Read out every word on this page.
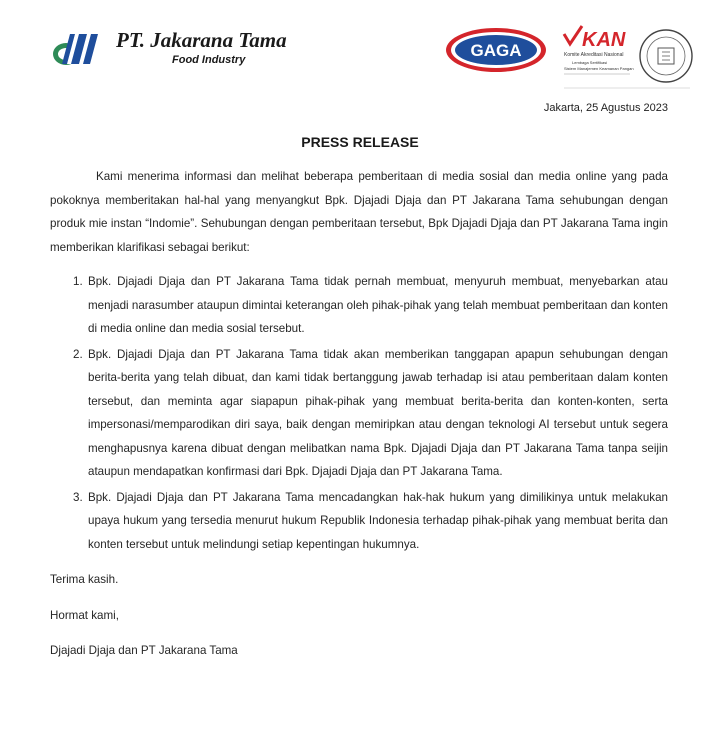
PT. Jakarana Tama
Food Industry	GAGA	KAN
Komite Akreditasi Nasional
Lembaga Sertifikasi
Sistem Manajemen Keamanan Pangan
Jakarta, 25 Agustus 2023
PRESS RELEASE

Kami menerima informasi dan melihat beberapa pemberitaan di media sosial dan media online yang pada pokoknya memberitakan hal-hal yang menyangkut Bpk. Djajadi Djaja dan PT Jakarana Tama sehubungan dengan produk mie instan “Indomie”. Sehubungan dengan pemberitaan tersebut, Bpk Djajadi Djaja dan PT Jakarana Tama ingin memberikan klarifikasi sebagai berikut:

1. Bpk. Djajadi Djaja dan PT Jakarana Tama tidak pernah membuat, menyuruh membuat, menyebarkan atau menjadi narasumber ataupun dimintai keterangan oleh pihak-pihak yang telah membuat pemberitaan dan konten di media online dan media sosial tersebut.
2. Bpk. Djajadi Djaja dan PT Jakarana Tama tidak akan memberikan tanggapan apapun sehubungan dengan berita-berita yang telah dibuat, dan kami tidak bertanggung jawab terhadap isi atau pemberitaan dalam konten tersebut, dan meminta agar siapapun pihak-pihak yang membuat berita-berita dan konten-konten, serta impersonasi/memparodikan diri saya, baik dengan memiripkan atau dengan teknologi AI tersebut untuk segera menghapusnya karena dibuat dengan melibatkan nama Bpk. Djajadi Djaja dan PT Jakarana Tama tanpa seijin ataupun mendapatkan konfirmasi dari Bpk. Djajadi Djaja dan PT Jakarana Tama.
3. Bpk. Djajadi Djaja dan PT Jakarana Tama mencadangkan hak-hak hukum yang dimilikinya untuk melakukan upaya hukum yang tersedia menurut hukum Republik Indonesia terhadap pihak-pihak yang membuat berita dan konten tersebut untuk melindungi setiap kepentingan hukumnya.

Terima kasih.

Hormat kami,

Djajadi Djaja dan PT Jakarana Tama
